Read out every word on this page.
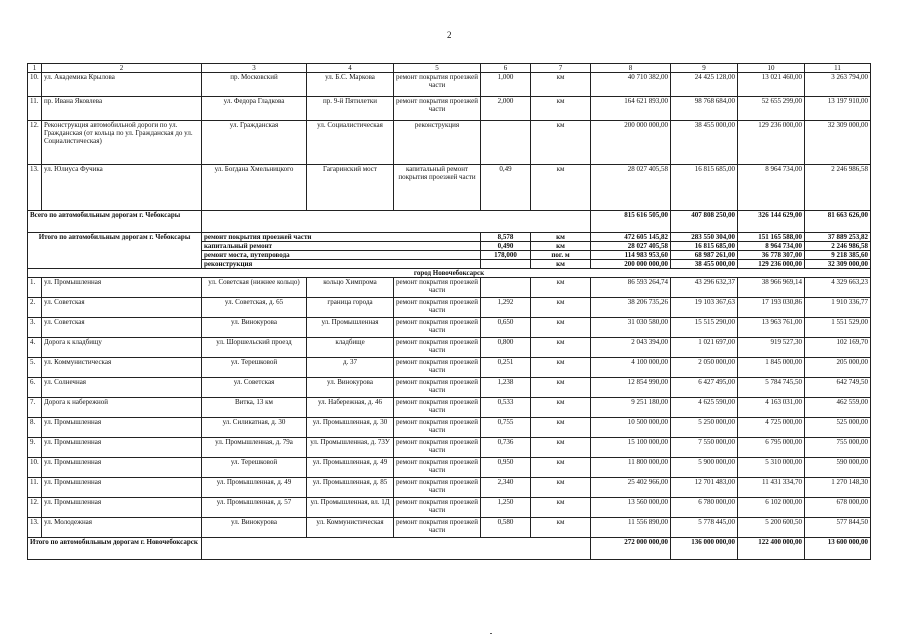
2
1	2	3	4	5	6	7	8	9	10	11
10.	ул. Академика Крылова	пр. Московский	ул. Б.С. Маркова	ремонт покрытия проезжей части	1,000	км	40 710 382,00	24 425 128,00	13 021 460,00	3 263 794,00
11.	пр. Ивана Яковлева	ул. Федора Гладкова	пр. 9-й Пятилетки	ремонт покрытия проезжей части	2,000	км	164 621 893,00	98 768 684,00	52 655 299,00	13 197 910,00
12.	Реконструкция автомобильной дороги по ул. Гражданская (от кольца по ул. Гражданская до ул. Социалистическая)	ул. Гражданская	ул. Социалистическая	реконструкция		км	200 000 000,00	38 455 000,00	129 236 000,00	32 309 000,00
13.	ул. Юлиуса Фучика	ул. Богдана Хмельницкого	Гагаринский мост	капитальный ремонт покрытия проезжей части	0,49	км	28 027 405,58	16 815 685,00	8 964 734,00	2 246 986,58
Всего по автомобильным дорогам г. Чебоксары							815 616 505,00	407 808 250,00	326 144 629,00	81 663 626,00
Итого по автомобильным дорогам г. Чебоксары		ремонт покрытия проезжей части			8,578	км	472 605 145,82	283 550 304,00	151 165 588,00	37 889 253,82
		капитальный ремонт			0,490	км	28 027 405,58	16 815 685,00	8 964 734,00	2 246 986,58
		ремонт моста, путепровода			178,000	пог. м	114 983 953,60	68 987 261,00	36 778 307,00	9 218 385,60
		реконструкция				км	200 000 000,00	38 455 000,00	129 236 000,00	32 309 000,00
город Новочебоксарск										
1.	ул. Промышленная	ул. Советская (нижнее кольцо)	кольцо Химпрома	ремонт покрытия проезжей части		км	86 593 264,74	43 296 632,37	38 966 969,14	4 329 663,23
2.	ул. Советская	ул. Советская, д. 65	граница города	ремонт покрытия проезжей части	1,292	км	38 206 735,26	19 103 367,63	17 193 030,86	1 910 336,77
3.	ул. Советская	ул. Винокурова	ул. Промышленная	ремонт покрытия проезжей части	0,650	км	31 030 580,00	15 515 290,00	13 963 761,00	1 551 529,00
4.	Дорога к кладбищу	ул. Шоршельский проезд	кладбище	ремонт покрытия проезжей части	0,800	км	2 043 394,00	1 021 697,00	919 527,30	102 169,70
5.	ул. Коммунистическая	ул. Терешковой	д. 37	ремонт покрытия проезжей части	0,251	км	4 100 000,00	2 050 000,00	1 845 000,00	205 000,00
6.	ул. Солнечная	ул. Советская	ул. Винокурова	ремонт покрытия проезжей части	1,238	км	12 854 990,00	6 427 495,00	5 784 745,50	642 749,50
7.	Дорога к набережной	Витка, 13 км	ул. Набережная, д. 46	ремонт покрытия проезжей части	0,533	км	9 251 180,00	4 625 590,00	4 163 031,00	462 559,00
8.	ул. Промышленная	ул. Силикатная, д. 30	ул. Промышленная, д. 30	ремонт покрытия проезжей части	0,755	км	10 500 000,00	5 250 000,00	4 725 000,00	525 000,00
9.	ул. Промышленная	ул. Промышленная, д. 79а	ул. Промышленная, д. 73У	ремонт покрытия проезжей части	0,736	км	15 100 000,00	7 550 000,00	6 795 000,00	755 000,00
10.	ул. Промышленная	ул. Терешковой	ул. Промышленная, д. 49	ремонт покрытия проезжей части	0,950	км	11 800 000,00	5 900 000,00	5 310 000,00	590 000,00
11.	ул. Промышленная	ул. Промышленная, д. 49	ул. Промышленная, д. 85	ремонт покрытия проезжей части	2,340	км	25 402 966,00	12 701 483,00	11 431 334,70	1 270 148,30
12.	ул. Промышленная	ул. Промышленная, д. 57	ул. Промышленная, вл. 1Д	ремонт покрытия проезжей части	1,250	км	13 560 000,00	6 780 000,00	6 102 000,00	678 000,00
13.	ул. Молодежная	ул. Винокурова	ул. Коммунистическая	ремонт покрытия проезжей части	0,580	км	11 556 890,00	5 778 445,00	5 200 600,50	577 844,50
Итого по автомобильным дорогам г. Новочебоксарск							272 000 000,00	136 000 000,00	122 400 000,00	13 600 000,00
